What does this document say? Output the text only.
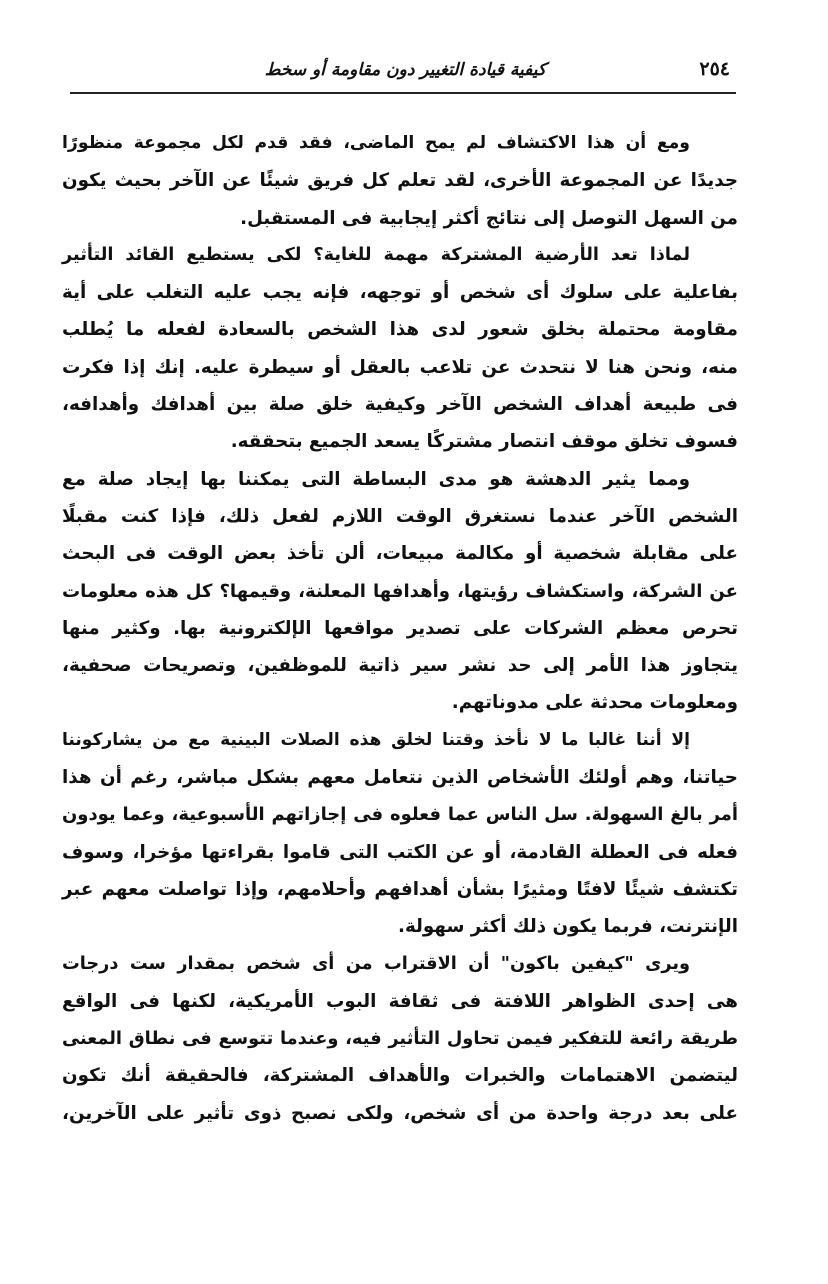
كيفية قيادة التغيير دون مقاومة أو سخط	٢٥٤

ومع أن هذا الاكتشاف لم يمح الماضى، فقد قدم لكل مجموعة منظورًا
جديدًا عن المجموعة الأخرى، لقد تعلم كل فريق شيئًا عن الآخر بحيث يكون
من السهل التوصل إلى نتائج أكثر إيجابية فى المستقبل.

لماذا تعد الأرضية المشتركة مهمة للغاية؟ لكى يستطيع القائد التأثير
بفاعلية على سلوك أى شخص أو توجهه، فإنه يجب عليه التغلب على أية
مقاومة محتملة بخلق شعور لدى هذا الشخص بالسعادة لفعله ما يُطلب
منه، ونحن هنا لا نتحدث عن تلاعب بالعقل أو سيطرة عليه. إنك إذا فكرت
فى طبيعة أهداف الشخص الآخر وكيفية خلق صلة بين أهدافك وأهدافه،
فسوف تخلق موقف انتصار مشتركًا يسعد الجميع بتحققه.

ومما يثير الدهشة هو مدى البساطة التى يمكننا بها إيجاد صلة مع
الشخص الآخر عندما نستغرق الوقت اللازم لفعل ذلك، فإذا كنت مقبلًا
على مقابلة شخصية أو مكالمة مبيعات، ألن تأخذ بعض الوقت فى البحث
عن الشركة، واستكشاف رؤيتها، وأهدافها المعلنة، وقيمها؟ كل هذه معلومات
تحرص معظم الشركات على تصدير مواقعها الإلكترونية بها. وكثير منها
يتجاوز هذا الأمر إلى حد نشر سير ذاتية للموظفين، وتصريحات صحفية،
ومعلومات محدثة على مدوناتهم.

إلا أننا غالبا ما لا نأخذ وقتنا لخلق هذه الصلات البينية مع من يشاركوننا
حياتنا، وهم أولئك الأشخاص الذين نتعامل معهم بشكل مباشر، رغم أن هذا
أمر بالغ السهولة. سل الناس عما فعلوه فى إجازاتهم الأسبوعية، وعما يودون
فعله فى العطلة القادمة، أو عن الكتب التى قاموا بقراءتها مؤخرا، وسوف
تكتشف شيئًا لافتًا ومثيرًا بشأن أهدافهم وأحلامهم، وإذا تواصلت معهم عبر
الإنترنت، فربما يكون ذلك أكثر سهولة.

ويرى "كيفين باكون" أن الاقتراب من أى شخص بمقدار ست درجات
هى إحدى الظواهر اللافتة فى ثقافة البوب الأمريكية، لكنها فى الواقع
طريقة رائعة للتفكير فيمن تحاول التأثير فيه، وعندما تتوسع فى نطاق المعنى
ليتضمن الاهتمامات والخبرات والأهداف المشتركة، فالحقيقة أنك تكون
على بعد درجة واحدة من أى شخص، ولكى نصبح ذوى تأثير على الآخرين،
